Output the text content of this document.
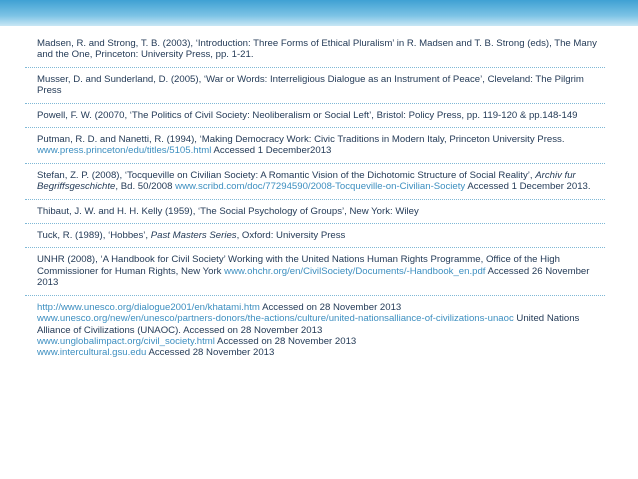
Madsen, R. and Strong, T. B. (2003), ‘Introduction: Three Forms of Ethical Pluralism’ in R. Madsen and T. B. Strong (eds), The Many and the One, Princeton: University Press, pp. 1-21.

Musser, D. and Sunderland, D. (2005), ‘War or Words: Interreligious Dialogue as an Instrument of Peace’, Cleveland: The Pilgrim Press

Powell, F. W. (20070, ‘The Politics of Civil Society: Neoliberalism or Social Left’, Bristol: Policy Press, pp. 119-120 & pp.148-149

Putman, R. D. and Nanetti, R. (1994), ‘Making Democracy Work: Civic Traditions in Modern Italy, Princeton University Press. www.press.princeton/edu/titles/5105.html Accessed 1 December2013

Stefan, Z. P. (2008), ‘Tocqueville on Civilian Society: A Romantic Vision of the Dichotomic Structure of Social Reality’, Archiv fur Begriffsgeschichte, Bd. 50/2008 www.scribd.com/doc/77294590/2008-Tocqueville-on-Civilian-Society Accessed 1 December 2013.

Thibaut, J. W. and H. H. Kelly (1959), ‘The Social Psychology of Groups’, New York: Wiley

Tuck, R. (1989), ‘Hobbes’, Past Masters Series, Oxford: University Press

UNHR (2008), ‘A Handbook for Civil Society’ Working with the United Nations Human Rights Programme, Office of the High Commissioner for Human Rights, New York www.ohchr.org/en/CivilSociety/Documents/-Handbook_en.pdf Accessed 26 November 2013

http://www.unesco.org/dialogue2001/en/khatami.htm Accessed on 28 November 2013

www.unesco.org/new/en/unesco/partners-donors/the-actions/culture/united-nationsalliance-of-civilizations-unaoc United Nations Alliance of Civilizations (UNAOC). Accessed on 28 November 2013

www.unglobalimpact.org/civil_society.html Accessed on 28 November 2013

www.intercultural.gsu.edu Accessed 28 November 2013
